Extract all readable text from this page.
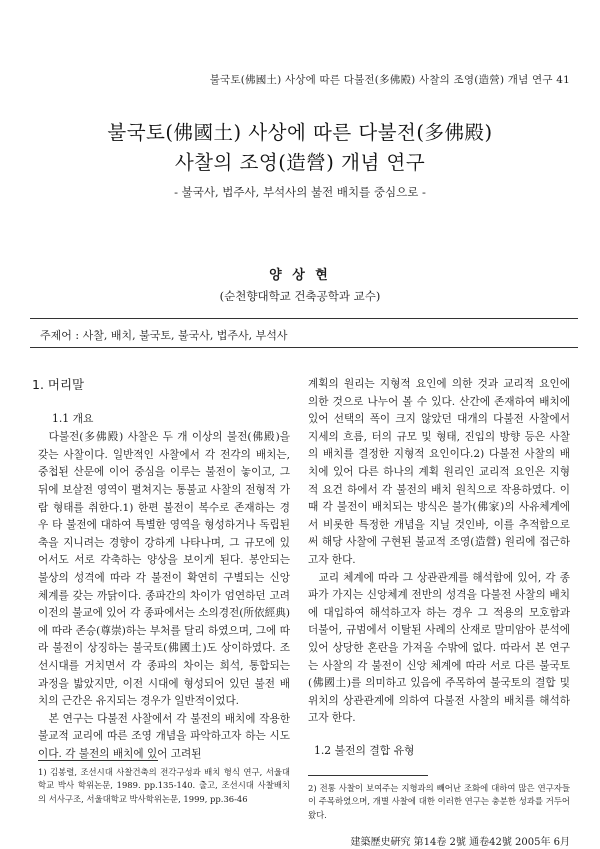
불국토(佛國土) 사상에 따른 다불전(多佛殿) 사찰의 조영(造營) 개념 연구 41
불국토(佛國土) 사상에 따른 다불전(多佛殿)
사찰의 조영(造營) 개념 연구
- 불국사, 법주사, 부석사의 불전 배치를 중심으로 -
양 상 현
(순천향대학교 건축공학과 교수)
주제어 : 사찰, 배치, 불국토, 불국사, 법주사, 부석사
1. 머리말
1.1 개요

다불전(多佛殿) 사찰은 두 개 이상의 불전(佛殿)을 갖는 사찰이다. 일반적인 사찰에서 각 전각의 배치는, 중첩된 산문에 이어 중심을 이루는 불전이 놓이고, 그 뒤에 보살전 영역이 펼쳐지는 통불교 사찰의 전형적 가람 형태를 취한다.1) 한편 불전이 복수로 존재하는 경우 타 불전에 대하여 특별한 영역을 형성하거나 독립된 축을 지니려는 경향이 강하게 나타나며, 그 규모에 있어서도 서로 각축하는 양상을 보이게 된다. 봉안되는 불상의 성격에 따라 각 불전이 확연히 구별되는 신앙 체계를 갖는 까닭이다. 종파간의 차이가 엄연하던 고려 이전의 불교에 있어 각 종파에서는 소의경전(所依經典)에 따라 존승(尊崇)하는 부처를 달리 하였으며, 그에 따라 불전이 상징하는 불국토(佛國土)도 상이하였다. 조선시대를 거치면서 각 종파의 차이는 희석, 통합되는 과정을 밟았지만, 이전 시대에 형성되어 있던 불전 배치의 근간은 유지되는 경우가 일반적이었다.

본 연구는 다불전 사찰에서 각 불전의 배치에 작용한 불교적 교리에 따른 조영 개념을 파악하고자 하는 시도이다. 각 불전의 배치에 있어 고려된

계획의 원리는 지형적 요인에 의한 것과 교리적 요인에 의한 것으로 나누어 볼 수 있다. 산간에 존재하여 배치에 있어 선택의 폭이 크지 않았던 대개의 다불전 사찰에서 지세의 흐름, 터의 규모 및 형태, 진입의 방향 등은 사찰의 배치를 결정한 지형적 요인이다.2) 다불전 사찰의 배치에 있어 다른 하나의 계획 원리인 교리적 요인은 지형적 요건 하에서 각 불전의 배치 원칙으로 작용하였다. 이 때 각 불전이 배치되는 방식은 불가(佛家)의 사유체계에서 비롯한 특정한 개념을 지닐 것인바, 이를 추적함으로써 해당 사찰에 구현된 불교적 조영(造營) 원리에 접근하고자 한다.

교리 체계에 따라 그 상관관계를 해석함에 있어, 각 종파가 가지는 신앙체계 전반의 성격을 다불전 사찰의 배치에 대입하여 해석하고자 하는 경우 그 적용의 모호함과 더불어, 규범에서 이탈된 사례의 산재로 말미암아 분석에 있어 상당한 혼란을 가져올 수밖에 없다. 따라서 본 연구는 사찰의 각 불전이 신앙 체계에 따라 서로 다른 불국토(佛國土)를 의미하고 있음에 주목하여 불국토의 결합 및 위치의 상관관계에 의하여 다불전 사찰의 배치를 해석하고자 한다.

1.2 불전의 결합 유형
1) 김봉렬, 조선시대 사찰건축의 전각구성과 배치 형식 연구, 서울대학교 박사 학위논문, 1989. pp.135-140. 출고, 조선시대 사찰배치의 서사구조, 서울대학교 박사학위논문, 1999, pp.36-46
2) 전통 사찰이 보여주는 지형과의 빼어난 조화에 대하여 많은 연구자들이 주목하였으며, 개별 사찰에 대한 이러한 연구는 충분한 성과를 거두어 왔다.
建築歷史硏究 第14卷 2號 通卷42號 2005年 6月
